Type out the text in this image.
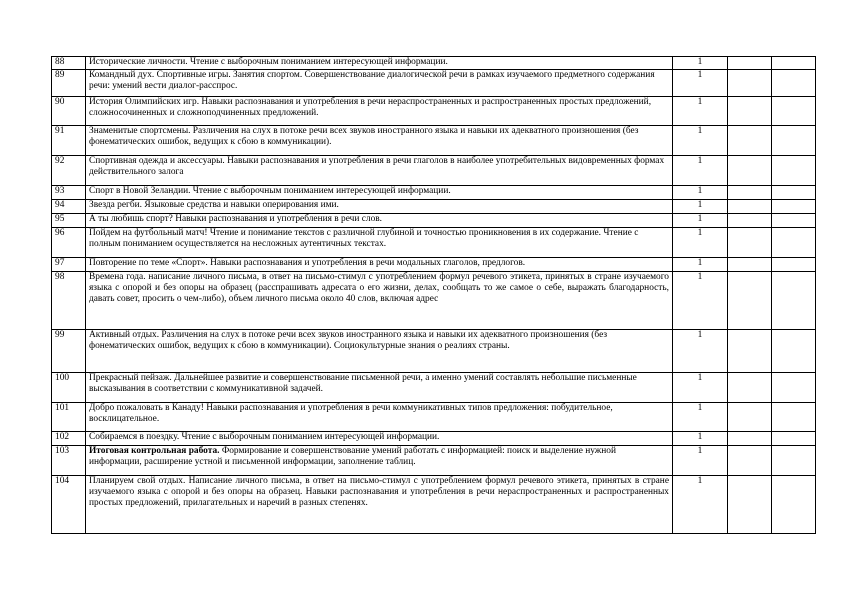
88	Исторические личности. Чтение с выборочным пониманием интересующей информации.	1		
89	Командный дух. Спортивные игры. Занятия спортом. Совершенствование диалогической речи в рамках изучаемого предметного содержания речи: умений вести диалог-расспрос.	1		
90	История Олимпийских игр. Навыки распознавания и употребления в речи нераспространенных и распространенных простых предложений, сложносочиненных и сложноподчиненных предложений.	1		
91	Знаменитые спортсмены. Различения на слух в потоке речи всех звуков иностранного языка и навыки их адекватного произношения (без фонематических ошибок, ведущих к сбою в коммуникации).	1		
92	Спортивная одежда и аксессуары. Навыки распознавания и употребления в речи глаголов в наиболее употребительных видовременных формах действительного залога	1		
93	Спорт в Новой Зеландии. Чтение с выборочным пониманием интересующей информации.	1		
94	Звезда регби. Языковые средства и навыки оперирования ими.	1		
95	А ты любишь спорт? Навыки распознавания и употребления в речи слов.	1		
96	Пойдем на футбольный матч! Чтение и понимание текстов с различной глубиной и точностью проникновения в их содержание. Чтение с полным пониманием осуществляется на несложных аутентичных текстах.	1		
97	Повторение по теме «Спорт». Навыки распознавания и употребления в речи модальных глаголов, предлогов.	1		
98	Времена года. написание личного письма, в ответ на письмо-стимул с употреблением формул речевого этикета, принятых в стране изучаемого языка с опорой и без опоры на образец (расспрашивать адресата о его жизни, делах, сообщать то же самое о себе, выражать благодарность, давать совет, просить о чем-либо), объем личного письма около 40 слов, включая адрес	1		
99	Активный отдых. Различения на слух в потоке речи всех звуков иностранного языка и навыки их адекватного произношения (без фонематических ошибок, ведущих к сбою в коммуникации). Социокультурные знания о реалиях страны.	1		
100	Прекрасный пейзаж. Дальнейшее развитие и совершенствование письменной речи, а именно умений составлять небольшие письменные высказывания в соответствии с коммуникативной задачей.	1		
101	Добро пожаловать в Канаду! Навыки распознавания и употребления в речи коммуникативных типов предложения: побудительное, восклицательное.	1		
102	Собираемся в поездку. Чтение с выборочным пониманием интересующей информации.	1		
103	Итоговая контрольная работа. Формирование и совершенствование умений работать с информацией: поиск и выделение нужной информации, расширение устной и письменной информации, заполнение таблиц.	1		
104	Планируем свой отдых. Написание личного письма, в ответ на письмо-стимул с употреблением формул речевого этикета, принятых в стране изучаемого языка с опорой и без опоры на образец. Навыки распознавания и употребления в речи нераспространенных и распространенных простых предложений, прилагательных и наречий в разных степенях.	1		
